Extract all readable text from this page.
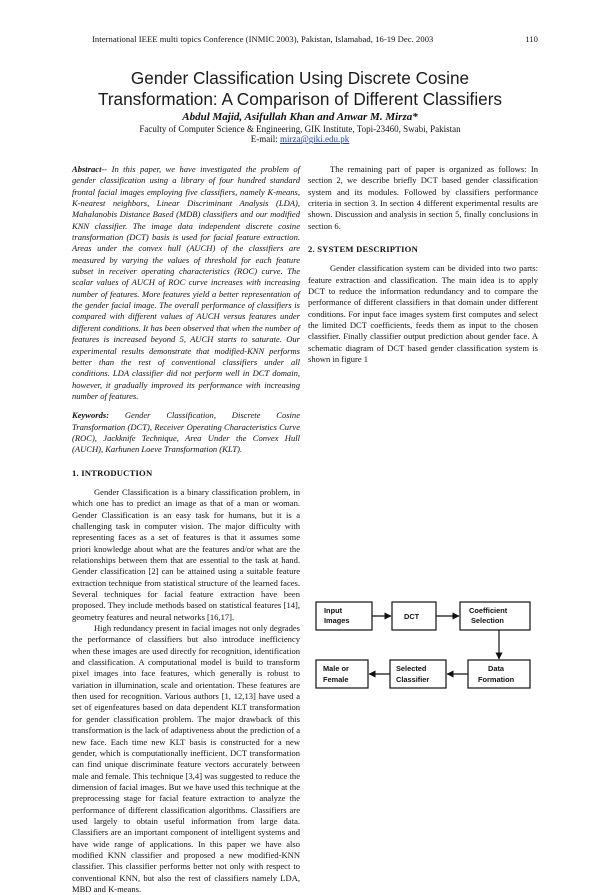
International IEEE multi topics Conference (INMIC 2003), Pakistan, Islamabad, 16-19 Dec. 2003	110
Gender Classification Using Discrete Cosine
Transformation: A Comparison of Different Classifiers
Abdul Majid, Asifullah Khan and Anwar M. Mirza*
Faculty of Computer Science & Engineering, GIK Institute, Topi-23460, Swabi, Pakistan
E-mail: mirza@giki.edu.pk

Abstract-- In this paper, we have investigated the problem of gender classification using a library of four hundred standard frontal facial images employing five classifiers, namely K-means, K-nearest neighbors, Linear Discriminant Analysis (LDA), Mahalanobis Distance Based (MDB) classifiers and our modified KNN classifier. The image data independent discrete cosine transformation (DCT) basis is used for facial feature extraction. Areas under the convex hull (AUCH) of the classifiers are measured by varying the values of threshold for each feature subset in receiver operating characteristics (ROC) curve. The scalar values of AUCH of ROC curve increases with increasing number of features. More features yield a better representation of the gender facial image. The overall performance of classifiers is compared with different values of AUCH versus features under different conditions. It has been observed that when the number of features is increased beyond 5, AUCH starts to saturate. Our experimental results demonstrate that modified-KNN performs better than the rest of conventional classifiers under all conditions. LDA classifier did not perform well in DCT domain, however, it gradually improved its performance with increasing number of features.

Keywords: Gender Classification, Discrete Cosine Transformation (DCT), Receiver Operating Characteristics Curve (ROC), Jackknife Technique, Area Under the Convex Hull (AUCH), Karhunen Loeve Transformation (KLT).

1. INTRODUCTION

Gender Classification is a binary classification problem, in which one has to predict an image as that of a man or woman. Gender Classification is an easy task for humans, but it is a challenging task in computer vision. The major difficulty with representing faces as a set of features is that it assumes some priori knowledge about what are the features and/or what are the relationships between them that are essential to the task at hand. Gender classification [2] can be attained using a suitable feature extraction technique from statistical structure of the learned faces. Several techniques for facial feature extraction have been proposed. They include methods based on statistical features [14], geometry features and neural networks [16,17].

High redundancy present in facial images not only degrades the performance of classifiers but also introduce inefficiency when these images are used directly for recognition, identification and classification. A computational model is build to transform pixel images into face features, which generally is robust to variation in illumination, scale and orientation. These features are then used for recognition. Various authors [1, 12,13] have used a set of eigenfeatures based on data dependent KLT transformation for gender classification problem. The major drawback of this transformation is the lack of adaptiveness about the prediction of a new face. Each time new KLT basis is constructed for a new gender, which is computationally inefficient. DCT transformation can find unique discriminate feature vectors accurately between male and female. This technique [3,4] was suggested to reduce the dimension of facial images. But we have used this technique at the preprocessing stage for facial feature extraction to analyze the performance of different classification algorithms. Classifiers are used largely to obtain useful information from large data. Classifiers are an important component of intelligent systems and have wide range of applications. In this paper we have also modified KNN classifier and proposed a new modified-KNN classifier. This classifier performs better not only with respect to conventional KNN, but also the rest of classifiers namely LDA, MBD and K-means.

The remaining part of paper is organized as follows: In section 2, we describe briefly DCT based gender classification system and its modules. Followed by classifiers performance criteria in section 3. In section 4 different experimental results are shown. Discussion and analysis in section 5, finally conclusions in section 6.

2. SYSTEM DESCRIPTION

Gender classification system can be divided into two parts: feature extraction and classification. The main idea is to apply DCT to reduce the information redundancy and to compare the performance of different classifiers in that domain under different conditions. For input face images system first computes and select the limited DCT coefficients, feeds them as input to the chosen classifier. Finally classifier output prediction about gender face. A schematic diagram of DCT based gender classification system is shown in figure 1

Input
Images	DCT
Coefficient
Selection
Data
Formation
Selected
Classifier
Male or
Female
